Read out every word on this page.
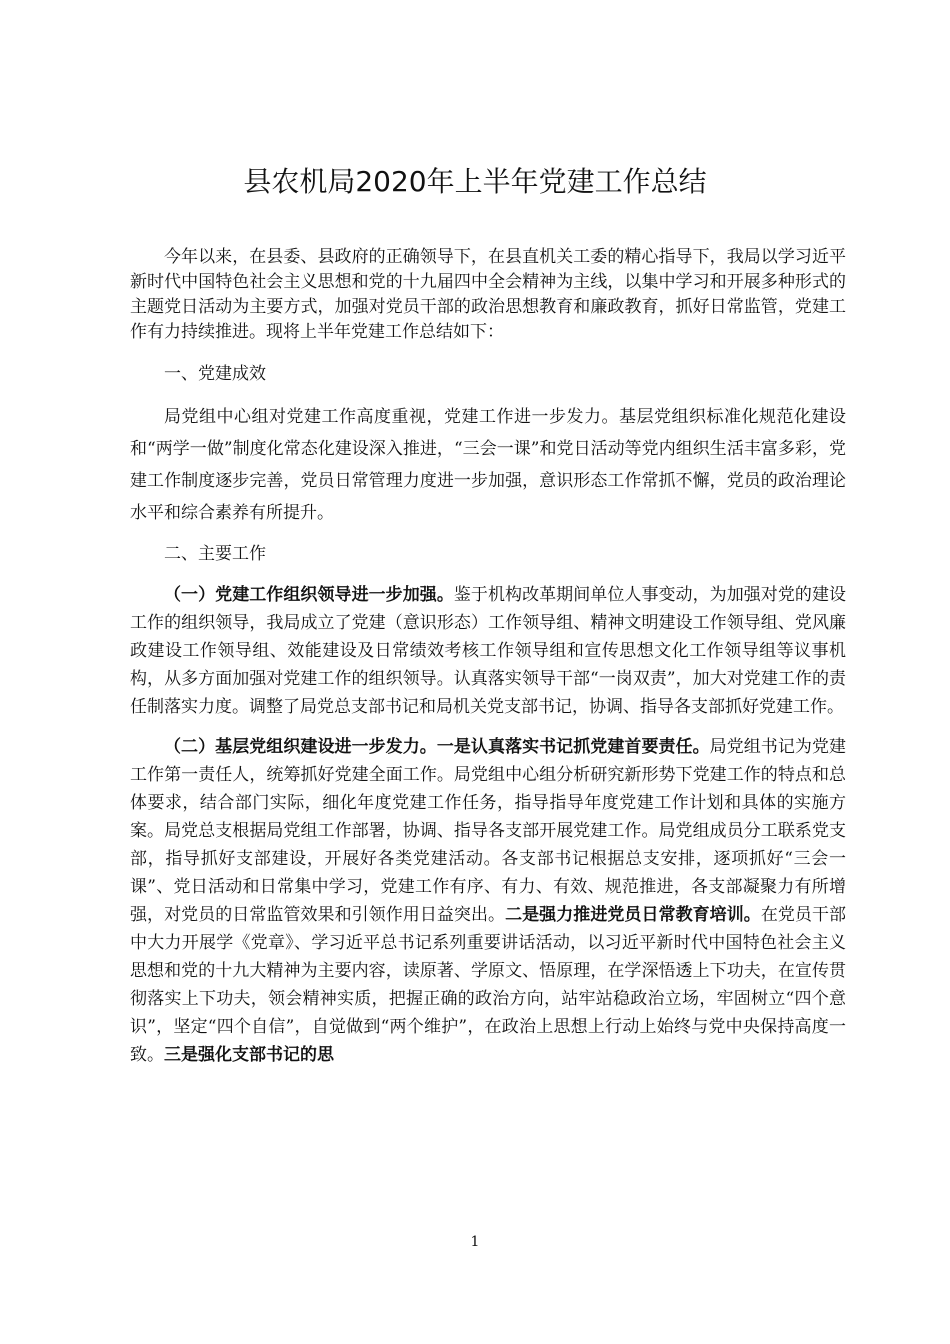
县农机局2020年上半年党建工作总结

今年以来，在县委、县政府的正确领导下，在县直机关工委的精心指导下，我局以学习近平新时代中国特色社会主义思想和党的十九届四中全会精神为主线，以集中学习和开展多种形式的主题党日活动为主要方式，加强对党员干部的政治思想教育和廉政教育，抓好日常监管，党建工作有力持续推进。现将上半年党建工作总结如下：

一、党建成效

局党组中心组对党建工作高度重视，党建工作进一步发力。基层党组织标准化规范化建设和“两学一做”制度化常态化建设深入推进，“三会一课”和党日活动等党内组织生活丰富多彩，党建工作制度逐步完善，党员日常管理力度进一步加强，意识形态工作常抓不懈，党员的政治理论水平和综合素养有所提升。

二、主要工作

（一）党建工作组织领导进一步加强。鉴于机构改革期间单位人事变动，为加强对党的建设工作的组织领导，我局成立了党建（意识形态）工作领导组、精神文明建设工作领导组、党风廉政建设工作领导组、效能建设及日常绩效考核工作领导组和宣传思想文化工作领导组等议事机构，从多方面加强对党建工作的组织领导。认真落实领导干部“一岗双责”，加大对党建工作的责任制落实力度。调整了局党总支部书记和局机关党支部书记，协调、指导各支部抓好党建工作。

（二）基层党组织建设进一步发力。一是认真落实书记抓党建首要责任。局党组书记为党建工作第一责任人，统筹抓好党建全面工作。局党组中心组分析研究新形势下党建工作的特点和总体要求，结合部门实际，细化年度党建工作任务，指导指导年度党建工作计划和具体的实施方案。局党总支根据局党组工作部署，协调、指导各支部开展党建工作。局党组成员分工联系党支部，指导抓好支部建设，开展好各类党建活动。各支部书记根据总支安排，逐项抓好“三会一课”、党日活动和日常集中学习，党建工作有序、有力、有效、规范推进，各支部凝聚力有所增强，对党员的日常监管效果和引领作用日益突出。二是强力推进党员日常教育培训。在党员干部中大力开展学《党章》、学习近平总书记系列重要讲话活动，以习近平新时代中国特色社会主义思想和党的十九大精神为主要内容，读原著、学原文、悟原理，在学深悟透上下功夫，在宣传贯彻落实上下功夫，领会精神实质，把握正确的政治方向，站牢站稳政治立场，牢固树立“四个意识”，坚定“四个自信”，自觉做到“两个维护”，在政治上思想上行动上始终与党中央保持高度一致。三是强化支部书记的思

1
